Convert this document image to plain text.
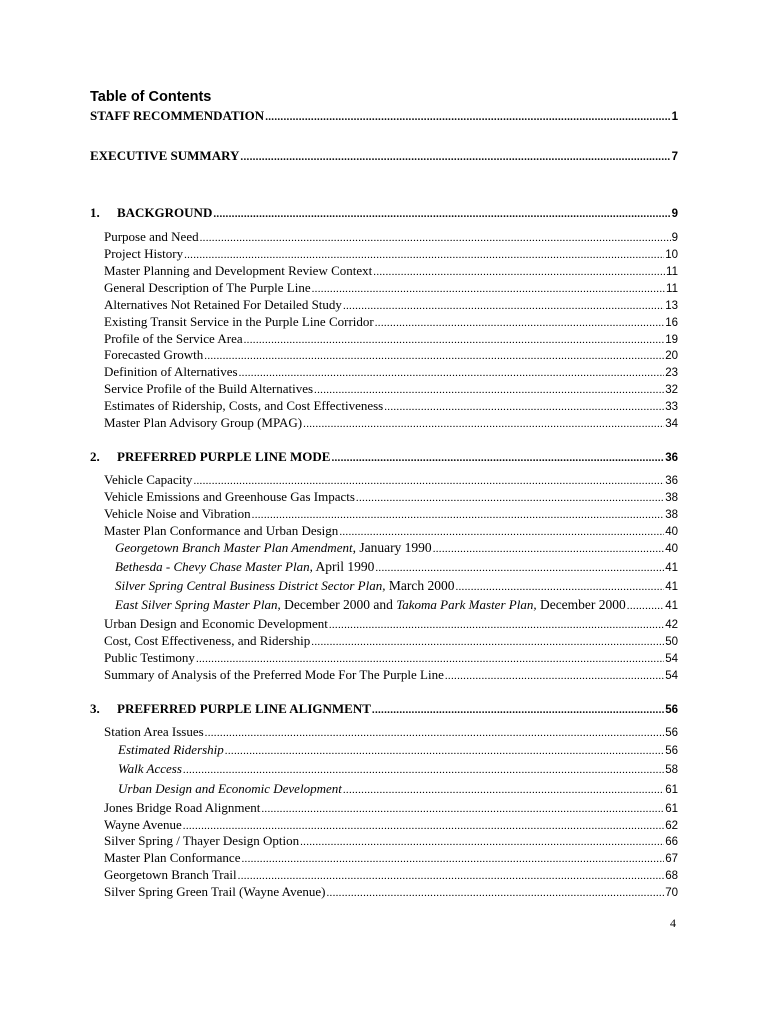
Table of Contents
STAFF RECOMMENDATION .....	1
EXECUTIVE SUMMARY .....	7
1. BACKGROUND .....	9
Purpose and Need .....	9
Project History .....	10
Master Planning and Development Review Context .....	11
General Description of The Purple Line .....	11
Alternatives Not Retained For Detailed Study .....	13
Existing Transit Service in the Purple Line Corridor .....	16
Profile of the Service Area .....	19
Forecasted Growth .....	20
Definition of Alternatives .....	23
Service Profile of the Build Alternatives .....	32
Estimates of Ridership, Costs, and Cost Effectiveness .....	33
Master Plan Advisory Group (MPAG) .....	34
2. PREFERRED PURPLE LINE MODE .....	36
Vehicle Capacity .....	36
Vehicle Emissions and Greenhouse Gas Impacts .....	38
Vehicle Noise and Vibration .....	38
Master Plan Conformance and Urban Design .....	40
Georgetown Branch Master Plan Amendment, January 1990 .....	40
Bethesda - Chevy Chase Master Plan, April 1990 .....	41
Silver Spring Central Business District Sector Plan, March 2000 .....	41
East Silver Spring Master Plan, December 2000 and Takoma Park Master Plan, December 2000 .....	41
Urban Design and Economic Development .....	42
Cost, Cost Effectiveness, and Ridership .....	50
Public Testimony .....	54
Summary of Analysis of the Preferred Mode For The Purple Line .....	54
3. PREFERRED PURPLE LINE ALIGNMENT .....	56
Station Area Issues .....	56
Estimated Ridership .....	56
Walk Access .....	58
Urban Design and Economic Development .....	61
Jones Bridge Road Alignment .....	61
Wayne Avenue .....	62
Silver Spring / Thayer Design Option .....	66
Master Plan Conformance .....	67
Georgetown Branch Trail .....	68
Silver Spring Green Trail (Wayne Avenue) .....	70
4
